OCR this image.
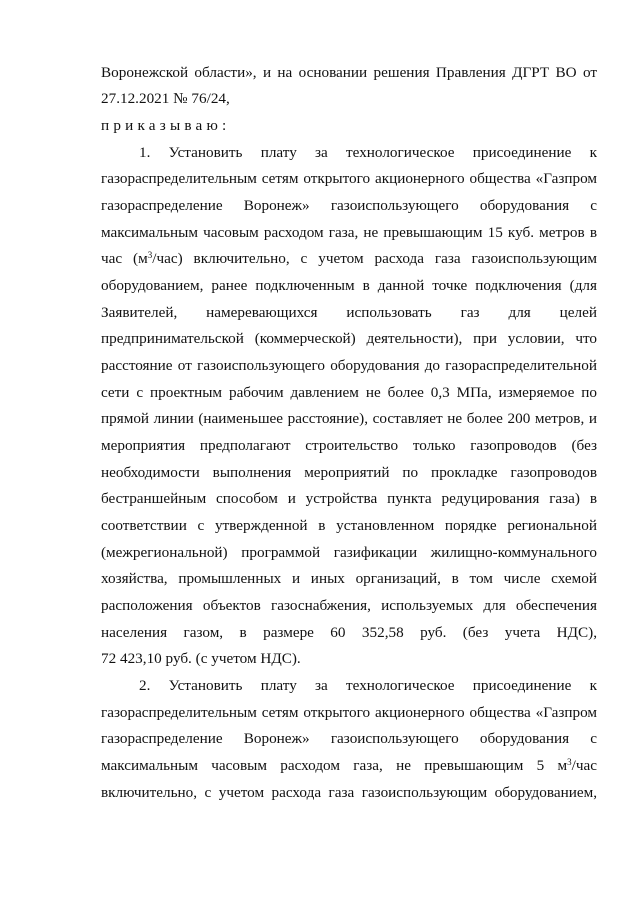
Воронежской области», и на основании решения Правления ДГРТ ВО от
27.12.2021 № 76/24,
приказываю:
1. Установить плату за технологическое присоединение к
газораспределительным сетям открытого акционерного общества «Газпром
газораспределение Воронеж» газоиспользующего оборудования с
максимальным часовым расходом газа, не превышающим 15 куб. метров в
час $(м^3/час)$ включительно, с учетом расхода газа газоиспользующим
оборудованием, ранее подключенным в данной точке подключения (для
Заявителей, намеревающихся использовать газ для целей
предпринимательской (коммерческой) деятельности), при условии, что
расстояние от газоиспользующего оборудования до газораспределительной
сети с проектным рабочим давлением не более 0,3 МПа, измеряемое по
прямой линии (наименьшее расстояние), составляет не более 200 метров, и
мероприятия предполагают строительство только газопроводов (без
необходимости выполнения мероприятий по прокладке газопроводов
бестраншейным способом и устройства пункта редуцирования газа) в
соответствии с утвержденной в установленном порядке региональной
(межрегиональной) программой газификации жилищно-коммунального
хозяйства, промышленных и иных организаций, в том числе схемой
расположения объектов газоснабжения, используемых для обеспечения
населения газом, в размере 60 352,58 руб. (без учета НДС),
72 423,10 руб. (с учетом НДС).
2. Установить плату за технологическое присоединение к
газораспределительным сетям открытого акционерного общества «Газпром
газораспределение Воронеж» газоиспользующего оборудования с
максимальным часовым расходом газа, не превышающим 5 $м^3$/час
включительно, с учетом расхода газа газоиспользующим оборудованием,
